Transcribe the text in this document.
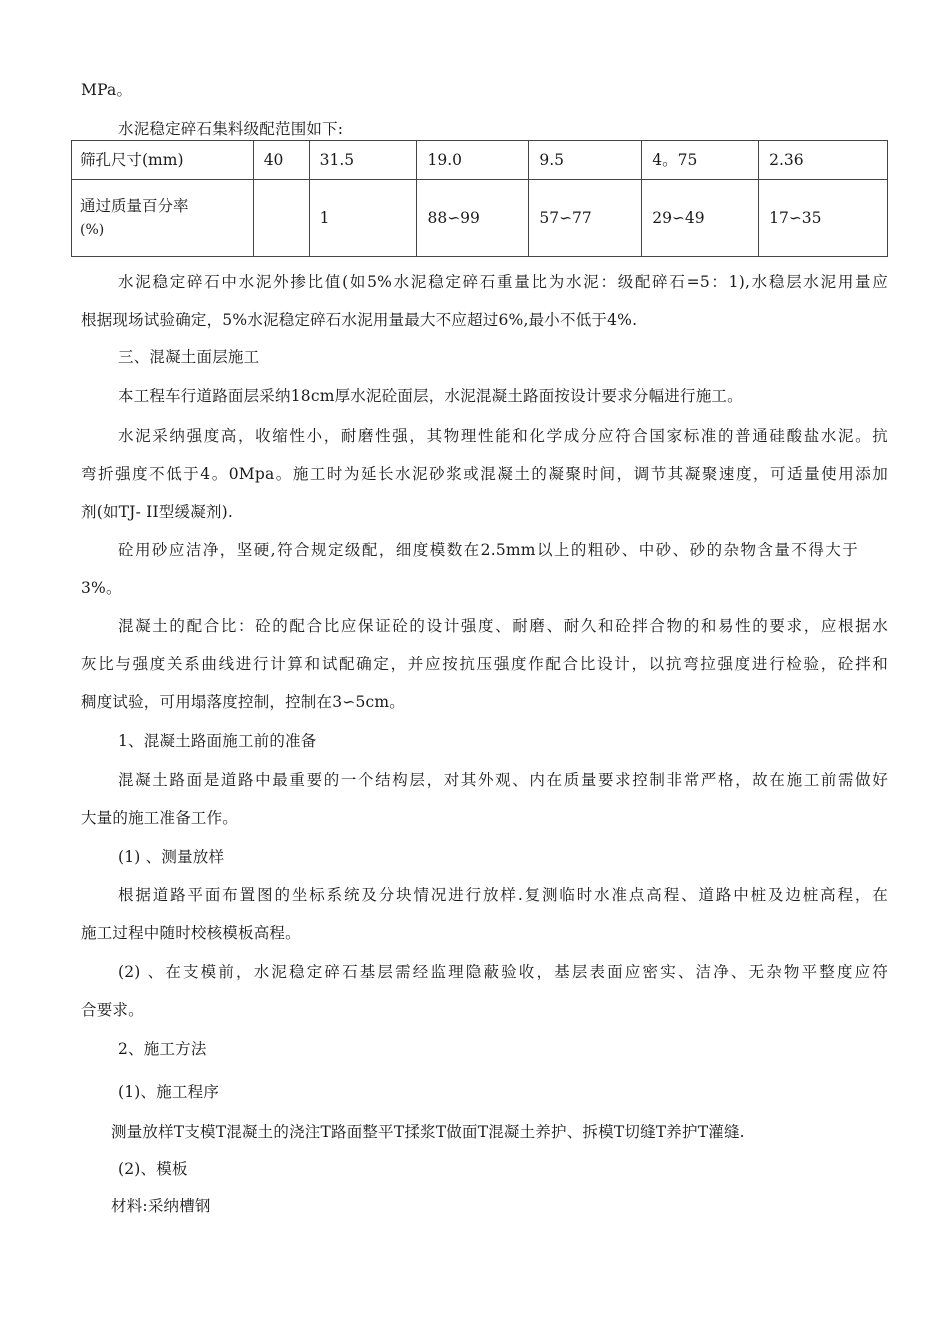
MPa。
水泥稳定碎石集料级配范围如下:
筛孔尺寸(mm)	40	31.5	19.0	9.5	4。75	2.36

通过质量百分率
(%)		1	88∽99	57∽77	29∽49	17∽35
水泥稳定碎石中水泥外掺比值(如5%水泥稳定碎石重量比为水泥：级配碎石=5：1),水稳层水泥用量应
根据现场试验确定，5%水泥稳定碎石水泥用量最大不应超过6%,最小不低于4%.
三、混凝土面层施工
本工程车行道路面层采纳18cm厚水泥砼面层，水泥混凝土路面按设计要求分幅进行施工。
水泥采纳强度高，收缩性小，耐磨性强，其物理性能和化学成分应符合国家标准的普通硅酸盐水泥。抗
弯折强度不低于4。0Mpa。施工时为延长水泥砂浆或混凝土的凝聚时间，调节其凝聚速度，可适量使用添加
剂(如TJ- II型缓凝剂).
砼用砂应洁净，坚硬,符合规定级配，细度模数在2.5mm以上的粗砂、中砂、砂的杂物含量不得大于
3%。
混凝土的配合比：砼的配合比应保证砼的设计强度、耐磨、耐久和砼拌合物的和易性的要求，应根据水
灰比与强度关系曲线进行计算和试配确定，并应按抗压强度作配合比设计，以抗弯拉强度进行检验，砼拌和
稠度试验，可用塌落度控制，控制在3∽5cm。
1、混凝土路面施工前的准备
混凝土路面是道路中最重要的一个结构层，对其外观、内在质量要求控制非常严格，故在施工前需做好
大量的施工准备工作。
(1) 、测量放样
根据道路平面布置图的坐标系统及分块情况进行放样.复测临时水准点高程、道路中桩及边桩高程，在
施工过程中随时校核模板高程。
(2) 、在支模前，水泥稳定碎石基层需经监理隐蔽验收，基层表面应密实、洁净、无杂物平整度应符
合要求。
2、施工方法
(1)、施工程序
测量放样T支模T混凝土的浇注T路面整平T揉浆T做面T混凝土养护、拆模T切缝T养护T灌缝.
(2)、模板
材料:采纳槽钢
